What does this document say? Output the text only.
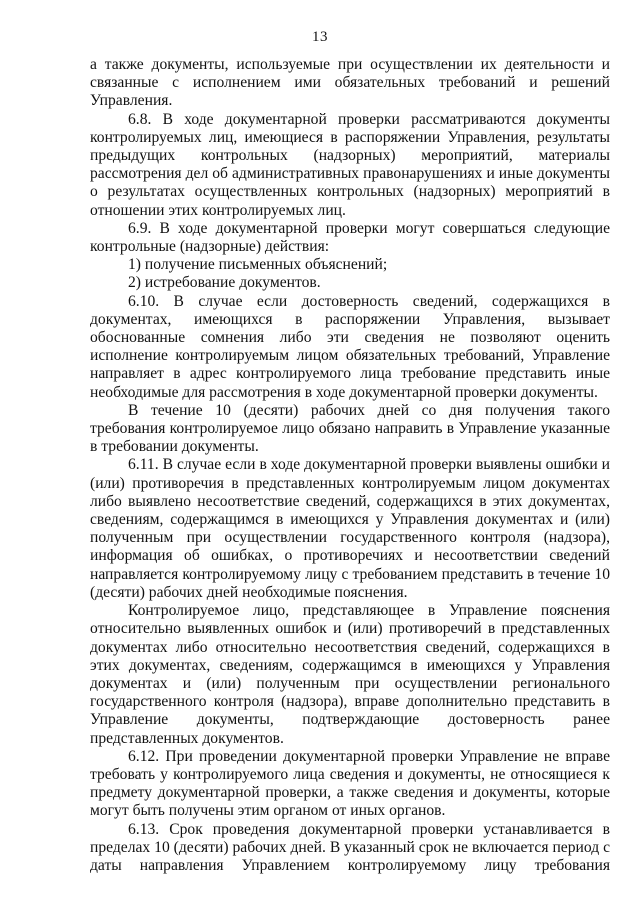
13

а также документы, используемые при осуществлении их деятельности и связанные с исполнением ими обязательных требований и решений Управления.

6.8. В ходе документарной проверки рассматриваются документы контролируемых лиц, имеющиеся в распоряжении Управления, результаты предыдущих контрольных (надзорных) мероприятий, материалы рассмотрения дел об административных правонарушениях и иные документы о результатах осуществленных контрольных (надзорных) мероприятий в отношении этих контролируемых лиц.

6.9. В ходе документарной проверки могут совершаться следующие контрольные (надзорные) действия:

1) получение письменных объяснений;

2) истребование документов.

6.10. В случае если достоверность сведений, содержащихся в документах, имеющихся в распоряжении Управления, вызывает обоснованные сомнения либо эти сведения не позволяют оценить исполнение контролируемым лицом обязательных требований, Управление направляет в адрес контролируемого лица требование представить иные необходимые для рассмотрения в ходе документарной проверки документы.

В течение 10 (десяти) рабочих дней со дня получения такого требования контролируемое лицо обязано направить в Управление указанные в требовании документы.

6.11. В случае если в ходе документарной проверки выявлены ошибки и (или) противоречия в представленных контролируемым лицом документах либо выявлено несоответствие сведений, содержащихся в этих документах, сведениям, содержащимся в имеющихся у Управления документах и (или) полученным при осуществлении государственного контроля (надзора), информация об ошибках, о противоречиях и несоответствии сведений направляется контролируемому лицу с требованием представить в течение 10 (десяти) рабочих дней необходимые пояснения.

Контролируемое лицо, представляющее в Управление пояснения относительно выявленных ошибок и (или) противоречий в представленных документах либо относительно несоответствия сведений, содержащихся в этих документах, сведениям, содержащимся в имеющихся у Управления документах и (или) полученным при осуществлении регионального государственного контроля (надзора), вправе дополнительно представить в Управление документы, подтверждающие достоверность ранее представленных документов.

6.12. При проведении документарной проверки Управление не вправе требовать у контролируемого лица сведения и документы, не относящиеся к предмету документарной проверки, а также сведения и документы, которые могут быть получены этим органом от иных органов.

6.13. Срок проведения документарной проверки устанавливается в пределах 10 (десяти) рабочих дней. В указанный срок не включается период с даты направления Управлением контролируемому лицу требования
